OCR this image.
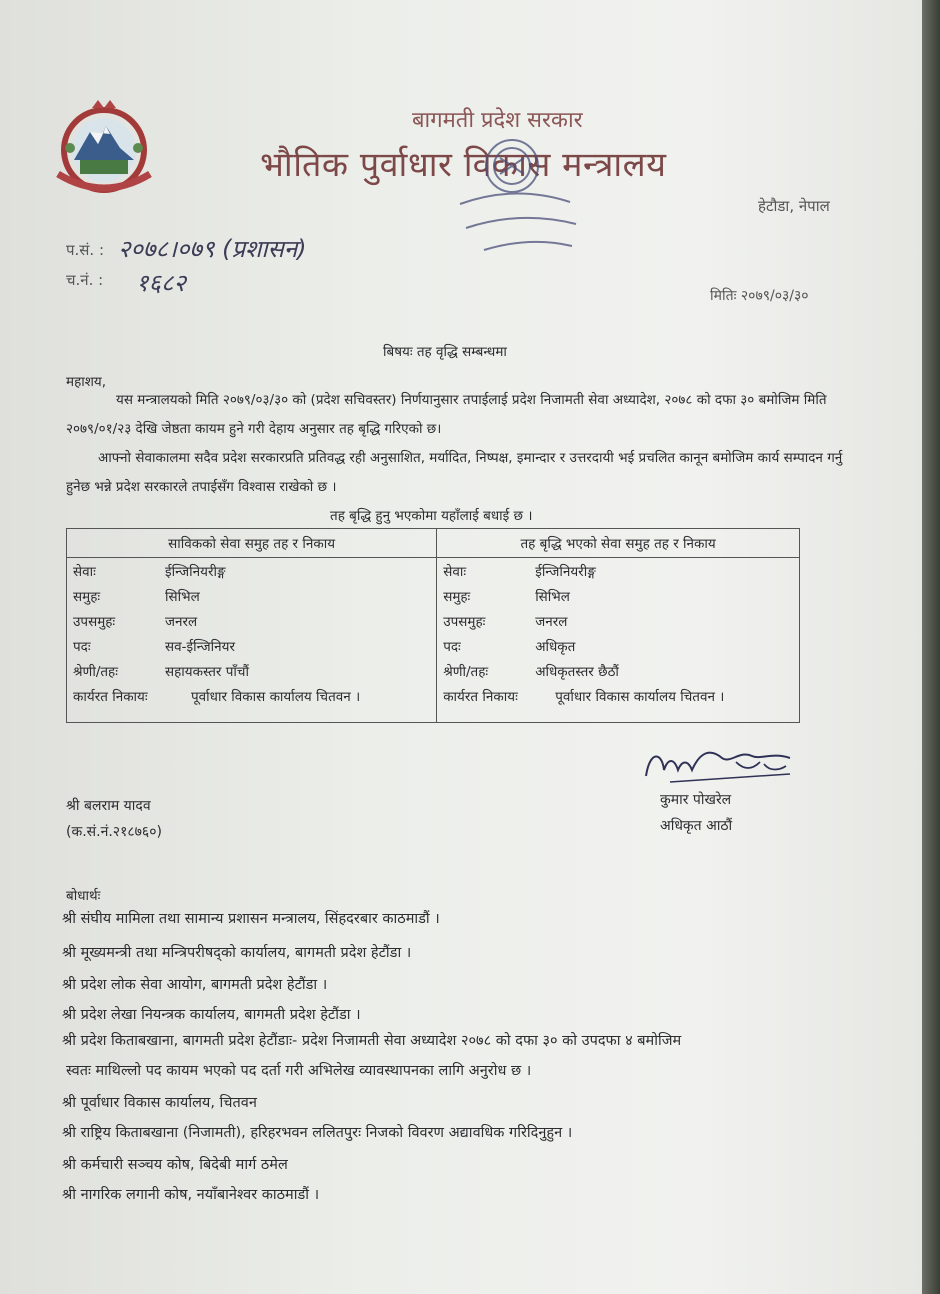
बागमती प्रदेश सरकार
भौतिक पुर्वाधार विकास मन्त्रालय
हेटौडा, नेपाल
प.सं. : २०७८।०७९ (प्रशासन)
च.नं. : १६८२	मितिः २०७९/०३/३०
बिषयः तह वृद्धि सम्बन्धमा
महाशय,
यस मन्त्रालयको मिति २०७९/०३/३० को (प्रदेश सचिवस्तर) निर्णयानुसार तपाईलाई प्रदेश निजामती सेवा अध्यादेश, २०७८ को दफा ३० बमोजिम मिति २०७९/०१/२३ देखि जेष्ठता कायम हुने गरी देहाय अनुसार तह बृद्धि गरिएको छ।
आफ्नो सेवाकालमा सदैव प्रदेश सरकारप्रति प्रतिवद्ध रही अनुसाशित, मर्यादित, निष्पक्ष, इमान्दार र उत्तरदायी भई प्रचलित कानून बमोजिम कार्य सम्पादन गर्नु हुनेछ भन्ने प्रदेश सरकारले तपाईसँग विश्वास राखेको छ ।
तह बृद्धि हुनु भएकोमा यहाँलाई बधाई छ ।
साविकको सेवा समुह तह र निकाय	तह बृद्धि भएको सेवा समुह तह र निकाय
सेवाः ईन्जिनियरीङ्ग	सेवाः ईन्जिनियरीङ्ग
समुहः सिभिल	समुहः सिभिल
उपसमुहः जनरल	उपसमुहः जनरल
पदः सव-ईन्जिनियर	पदः अधिकृत
श्रेणी/तहः सहायकस्तर पाँचौं	श्रेणी/तहः अधिकृतस्तर छैठौं
कार्यरत निकायः पूर्वाधार विकास कार्यालय चितवन ।	कार्यरत निकायः पूर्वाधार विकास कार्यालय चितवन ।
कुमार पोखरेल
अधिकृत आठौं
श्री बलराम यादव
(क.सं.नं.२१८७६०)
बोधार्थः
श्री संघीय मामिला तथा सामान्य प्रशासन मन्त्रालय, सिंहदरबार काठमाडौं ।
श्री मूख्यमन्त्री तथा मन्त्रिपरीषद्को कार्यालय, बागमती प्रदेश हेटौंडा ।
श्री प्रदेश लोक सेवा आयोग, बागमती प्रदेश हेटौंडा ।
श्री प्रदेश लेखा नियन्त्रक कार्यालय, बागमती प्रदेश हेटौंडा ।
श्री प्रदेश किताबखाना, बागमती प्रदेश हेटौंडाः- प्रदेश निजामती सेवा अध्यादेश २०७८ को दफा ३० को उपदफा ४ बमोजिम
स्वतः माथिल्लो पद कायम भएको पद दर्ता गरी अभिलेख व्यावस्थापनका लागि अनुरोध छ ।
श्री पूर्वाधार विकास कार्यालय, चितवन
श्री राष्ट्रिय किताबखाना (निजामती), हरिहरभवन ललितपुरः निजको विवरण अद्यावधिक गरिदिनुहुन ।
श्री कर्मचारी सञ्चय कोष, बिदेबी मार्ग ठमेल
श्री नागरिक लगानी कोष, नयाँबानेश्वर काठमाडौं ।
